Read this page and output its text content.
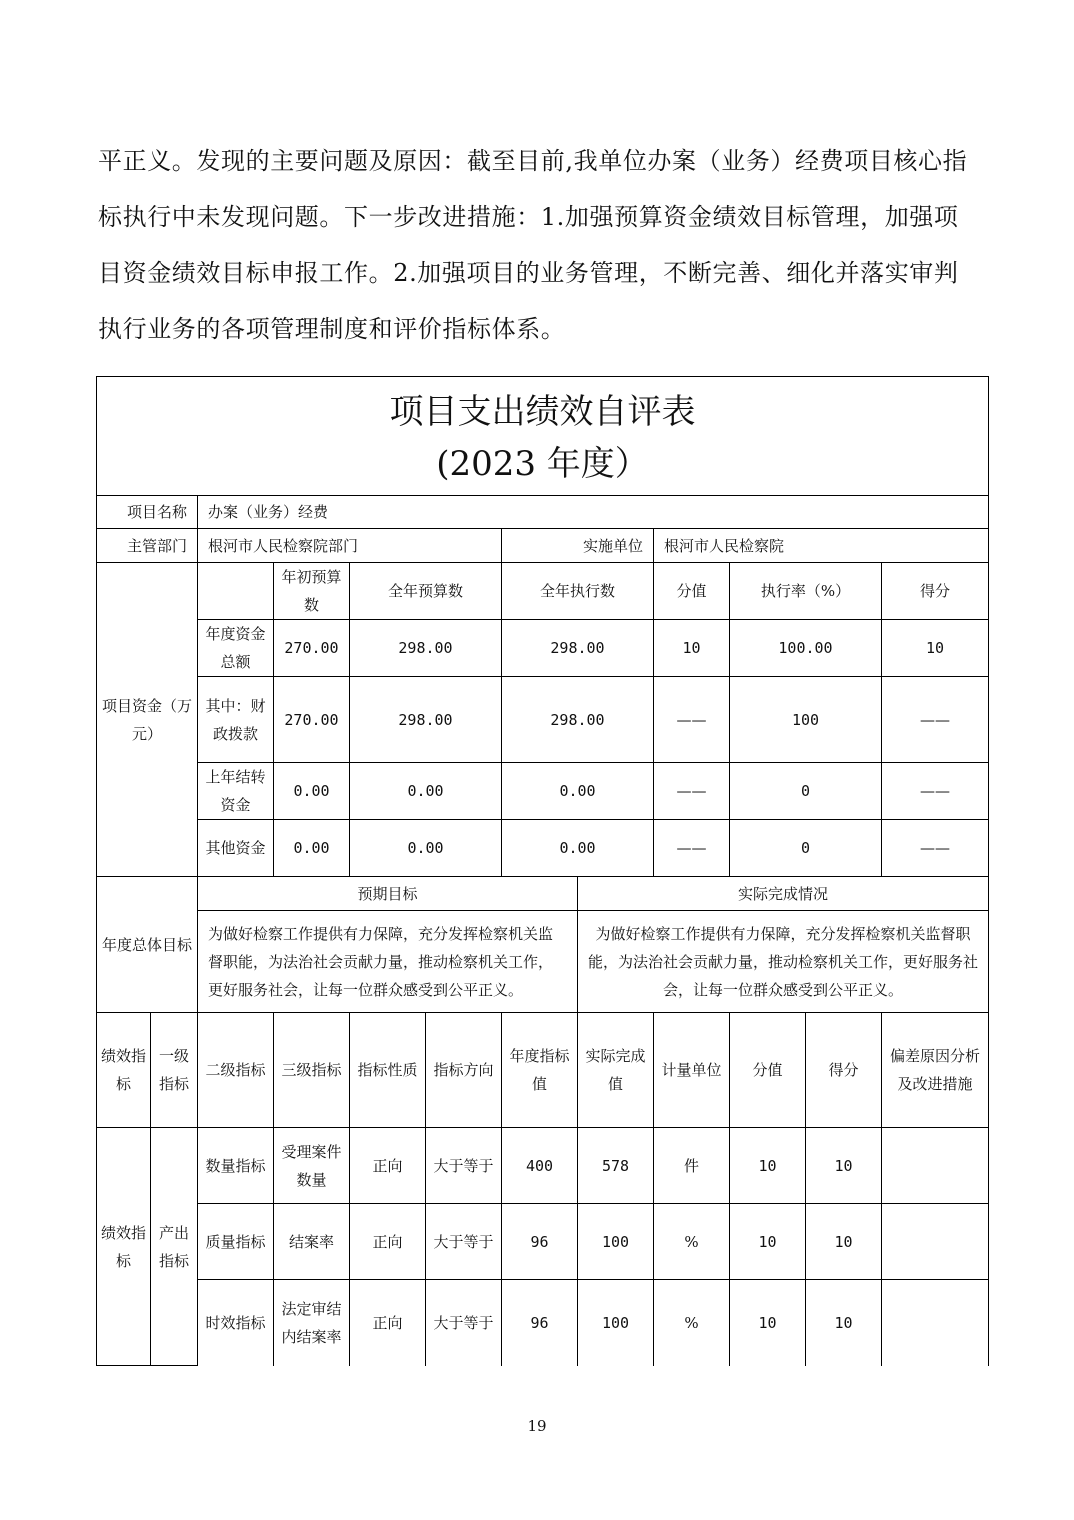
平正义。发现的主要问题及原因：截至目前,我单位办案（业务）经费项目核心指标执行中未发现问题。下一步改进措施：1.加强预算资金绩效目标管理，加强项目资金绩效目标申报工作。2.加强项目的业务管理，不断完善、细化并落实审判执行业务的各项管理制度和评价指标体系。

项目支出绩效自评表
(2023 年度）											

项目名称		办案（业务）经费									
主管部门		根河市人民检察院部门				实施单位		根河市人民检察院			
项目资金（万元）			年初预算数	全年预算数		全年执行数		分值	执行率（%）		得分
		年度资金总额	270.00	298.00		298.00		10	100.00		10
		其中：财政拨款	270.00	298.00		298.00		——	100		——
		上年结转资金	0.00	0.00		0.00		——	0		——
		其他资金	0.00	0.00		0.00		——	0		——
年度总体目标		预期目标					实际完成情况				
		为做好检察工作提供有力保障，充分发挥检察机关监督职能，为法治社会贡献力量，推动检察机关工作，更好服务社会，让每一位群众感受到公平正义。					为做好检察工作提供有力保障，充分发挥检察机关监督职能，为法治社会贡献力量，推动检察机关工作，更好服务社会，让每一位群众感受到公平正义。				
绩效指标	一级指标	二级指标	三级指标	指标性质	指标方向	年度指标值	实际完成值	计量单位	分值	得分	偏差原因分析及改进措施
绩效指标	产出指标	数量指标	受理案件数量	正向	大于等于	400	578	件	10	10	
		质量指标	结案率	正向	大于等于	96	100	%	10	10	
		时效指标	法定审结内结案率	正向	大于等于	96	100	%	10	10	
19
